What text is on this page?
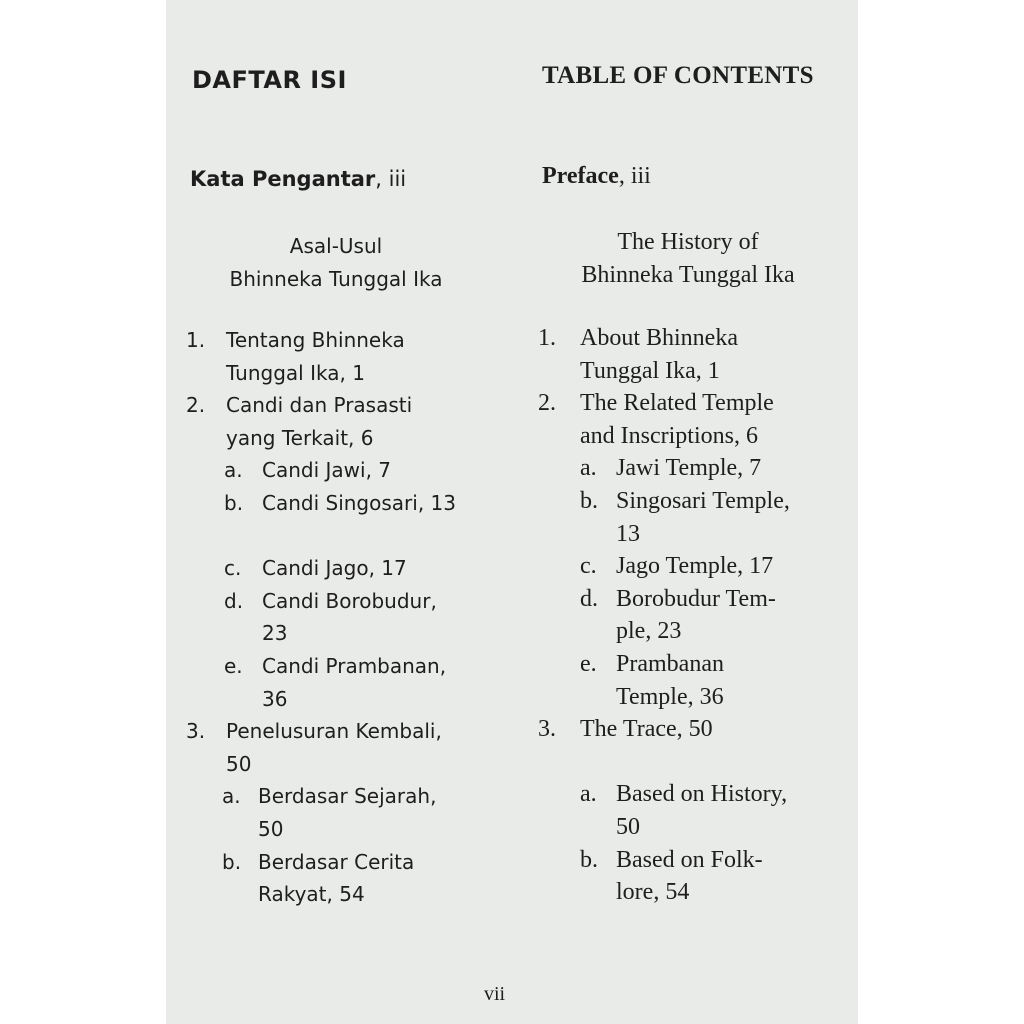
DAFTAR ISI	TABLE OF CONTENTS
Kata Pengantar, iii	Preface, iii
Asal-Usul
Bhinneka Tunggal Ika
The History of
Bhinneka Tunggal Ika
1.	Tentang Bhinneka
Tunggal Ika, 1
2.	Candi dan Prasasti
yang Terkait, 6
a. Candi Jawi, 7
b. Candi Singosari, 13

c.	Candi Jago, 17
d. Candi Borobudur,
23
e. Candi Prambanan,
36
3.	Penelusuran Kembali,
50
a. Berdasar Sejarah,
50
b. Berdasar Cerita
Rakyat, 54
1.	About Bhinneka
Tunggal Ika, 1
2.	The Related Temple
and Inscriptions, 6
a. Jawi Temple, 7
b. Singosari Temple,
13
c. Jago Temple, 17
d. Borobudur Tem-
ple, 23
e. Prambanan
Temple, 36
3.	The Trace, 50

a. Based on History,
50
b. Based on Folk-
lore, 54
vii
